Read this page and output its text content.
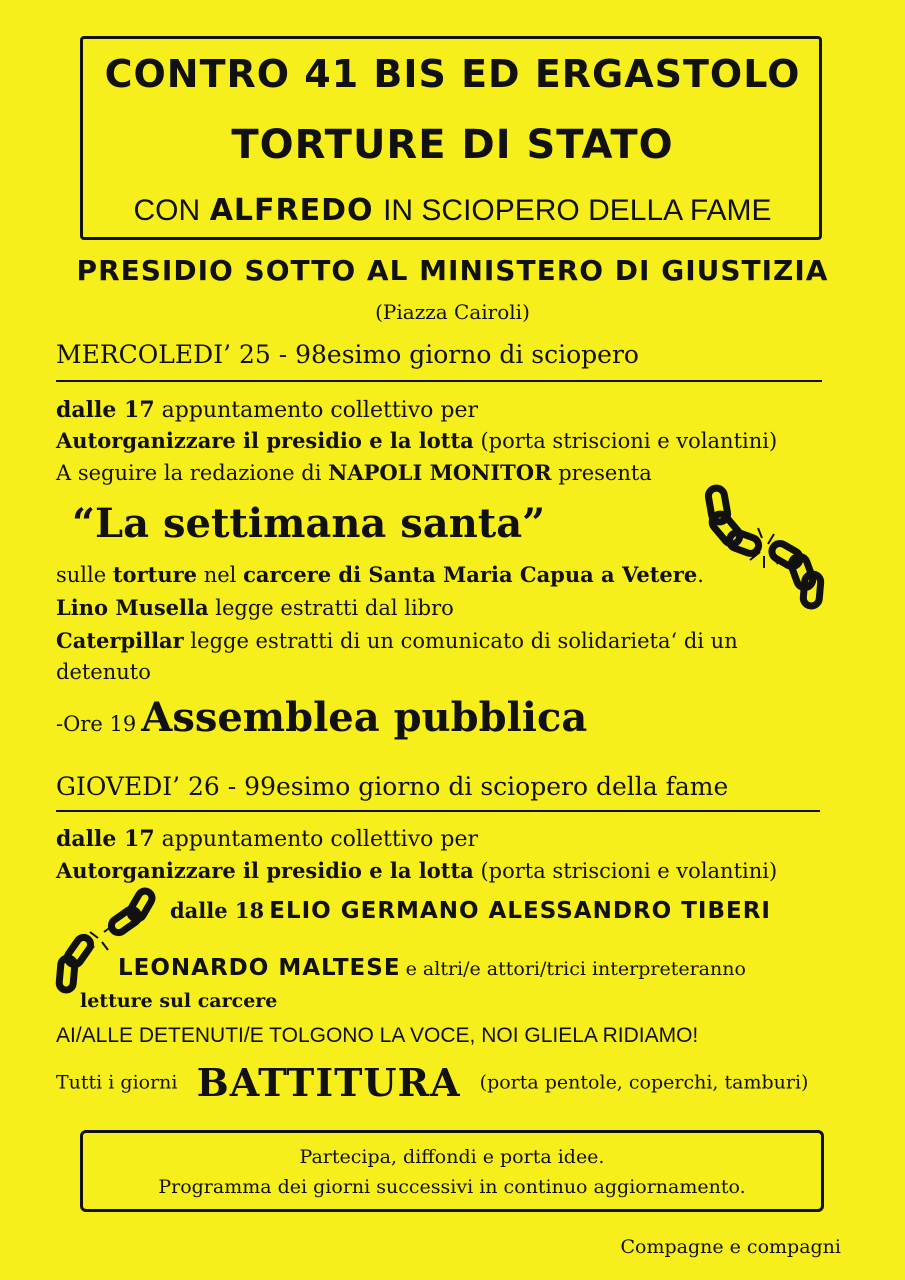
CONTRO 41 BIS ED ERGASTOLO
TORTURE DI STATO
CON ALFREDO IN SCIOPERO DELLA FAME
PRESIDIO SOTTO AL MINISTERO DI GIUSTIZIA
(Piazza Cairoli)
MERCOLEDI’ 25 - 98esimo giorno di sciopero
dalle 17 appuntamento collettivo per
Autorganizzare il presidio e la lotta (porta striscioni e volantini)
A seguire la redazione di NAPOLI MONITOR presenta
“La settimana santa”
sulle torture nel carcere di Santa Maria Capua a Vetere.
Lino Musella legge estratti dal libro
Caterpillar legge estratti di un comunicato di solidarieta‘ di un
detenuto
-Ore 19 Assemblea pubblica
GIOVEDI’ 26 - 99esimo giorno di sciopero della fame
dalle 17 appuntamento collettivo per
Autorganizzare il presidio e la lotta (porta striscioni e volantini)
dalle 18 ELIO GERMANO ALESSANDRO TIBERI
LEONARDO MALTESE e altri/e attori/trici interpreteranno
letture sul carcere
AI/ALLE DETENUTI/E TOLGONO LA VOCE, NOI GLIELA RIDIAMO!
Tutti i giorni BATTITURA (porta pentole, coperchi, tamburi)
Partecipa, diffondi e porta idee.
Programma dei giorni successivi in continuo aggiornamento.
Compagne e compagni
